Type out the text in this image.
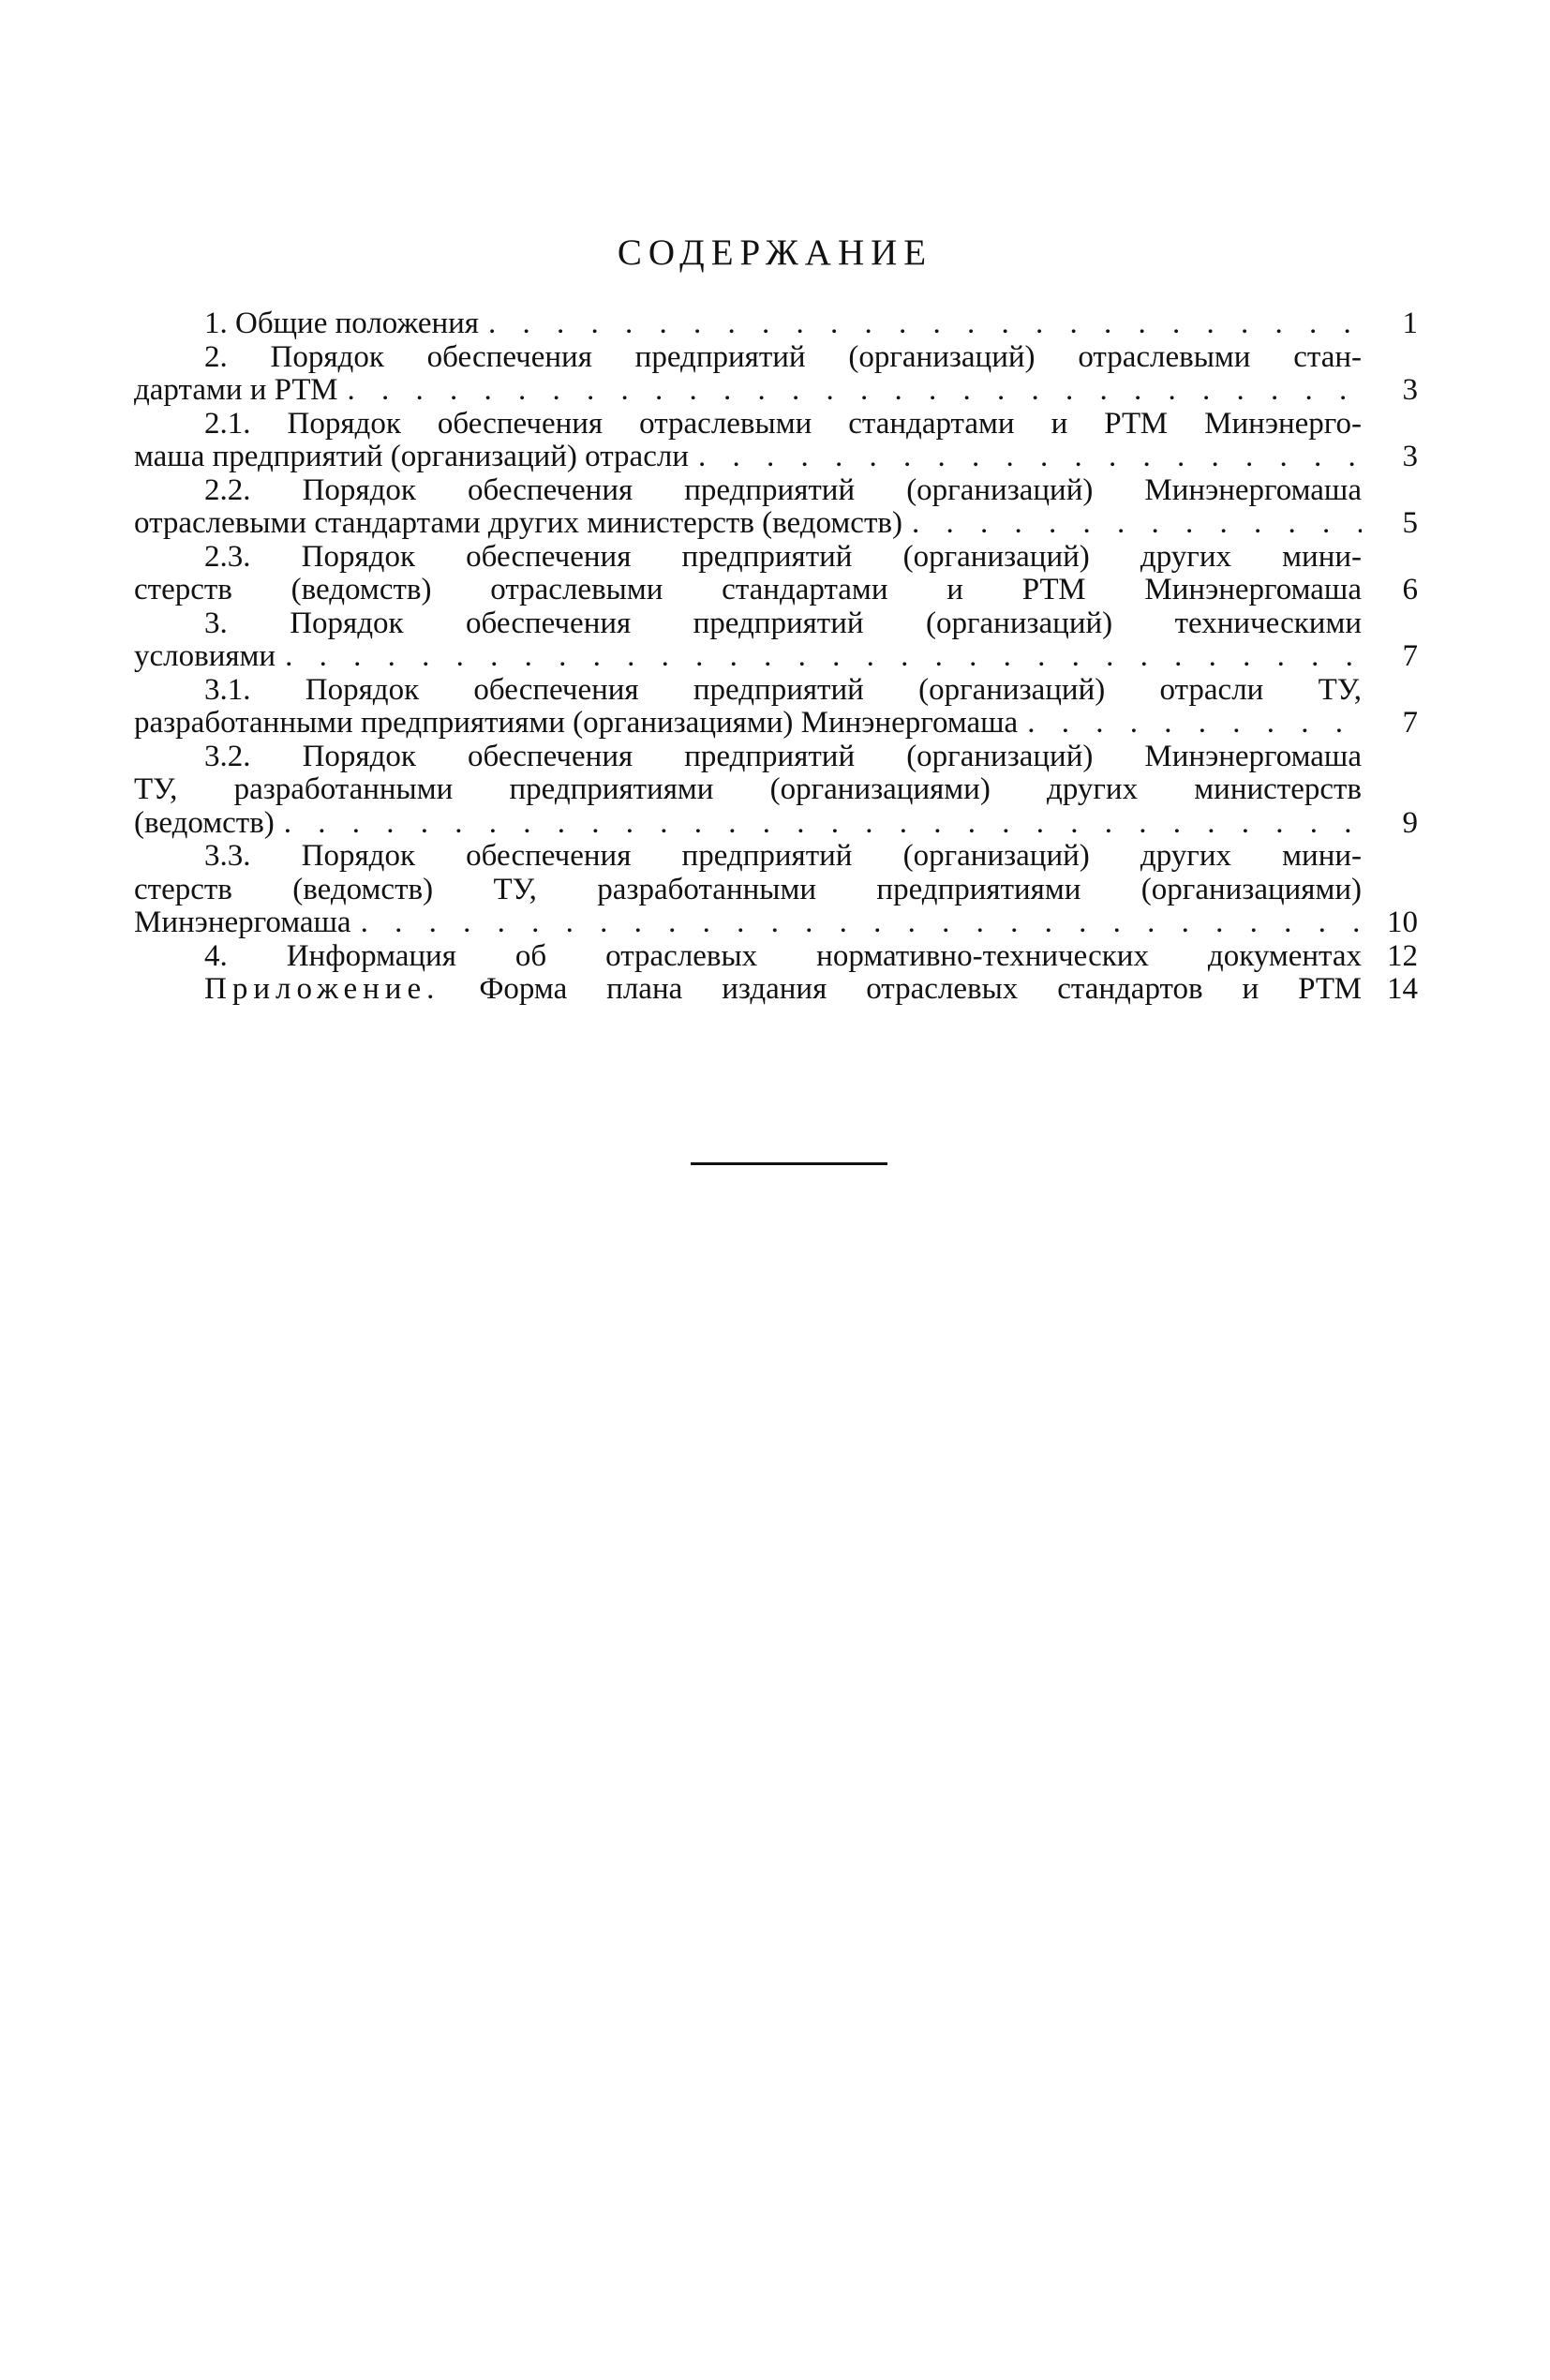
СОДЕРЖАНИЕ
1. Общие положения . . .	1
2. Порядок обеспечения предприятий (организаций) отраслевыми стан-
дартами и РТМ . . .	3
2.1. Порядок обеспечения отраслевыми стандартами и РТМ Минэнерго-
маша предприятий (организаций) отрасли . . .	3
2.2. Порядок обеспечения предприятий (организаций) Минэнергомаша
отраслевыми стандартами других министерств (ведомств) . . .	5
2.3. Порядок обеспечения предприятий (организаций) других мини-
стерств (ведомств) отраслевыми стандартами и РТМ Минэнергомаша	6
3. Порядок обеспечения предприятий (организаций) техническими
условиями . . .	7
3.1. Порядок обеспечения предприятий (организаций) отрасли ТУ,
разработанными предприятиями (организациями) Минэнергомаша . . .	7
3.2. Порядок обеспечения предприятий (организаций) Минэнергомаша
ТУ, разработанными предприятиями (организациями) других министерств
(ведомств) . . .	9
3.3. Порядок обеспечения предприятий (организаций) других мини-
стерств (ведомств) ТУ, разработанными предприятиями (организациями)
Минэнергомаша . . .	10
4. Информация об отраслевых нормативно-технических документах 12
Приложение. Форма плана издания отраслевых стандартов и РТМ 14
